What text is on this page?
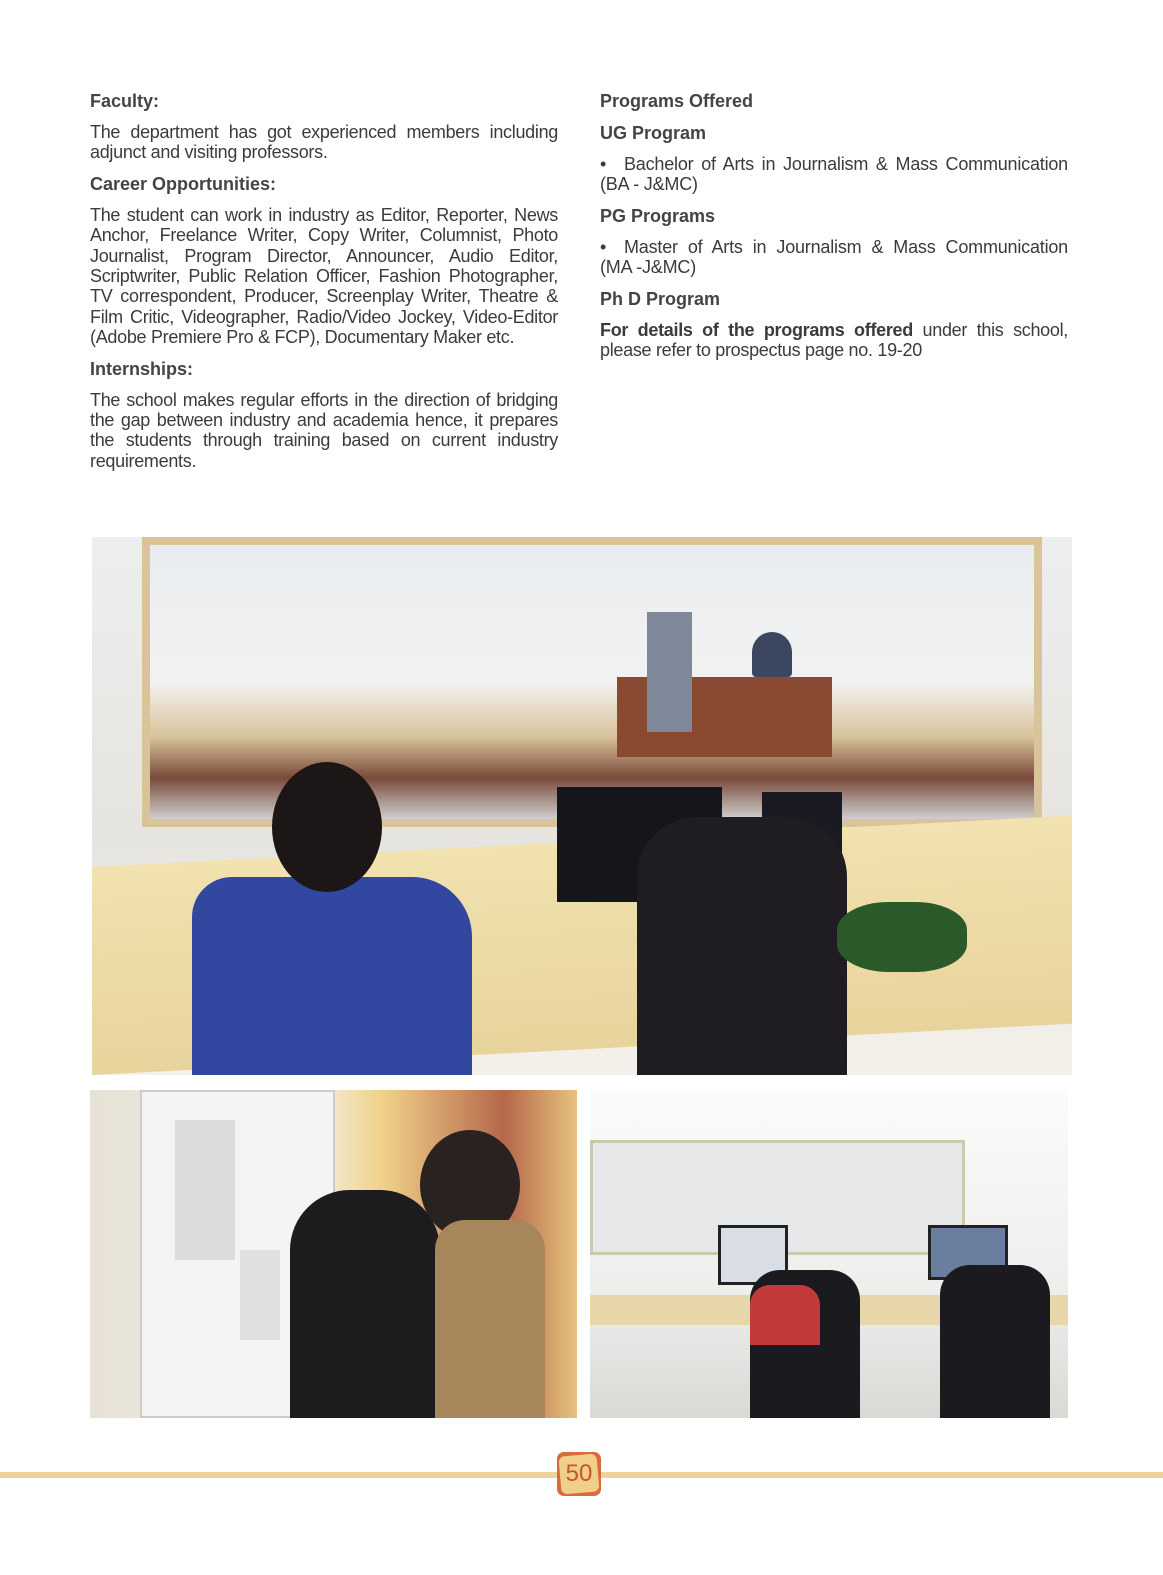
Faculty:

The department has got experienced members including adjunct and visiting professors.

Career Opportunities:

The student can work in industry as Editor, Reporter, News Anchor, Freelance Writer, Copy Writer, Columnist, Photo Journalist, Program Director, Announcer, Audio Editor, Scriptwriter, Public Relation Officer, Fashion Photographer, TV correspondent, Producer, Screenplay Writer, Theatre & Film Critic, Videographer, Radio/Video Jockey, Video-Editor (Adobe Premiere Pro & FCP), Documentary Maker etc.

Internships:

The school makes regular efforts in the direction of bridging the gap between industry and academia hence, it prepares the students through training based on current industry requirements.

Programs Offered
UG Program
• Bachelor of Arts in Journalism & Mass Communication (BA - J&MC)
PG Programs
• Master of Arts in Journalism & Mass Communication (MA -J&MC)
Ph D Program

For details of the programs offered under this school, please refer to prospectus page no. 19-20

50
